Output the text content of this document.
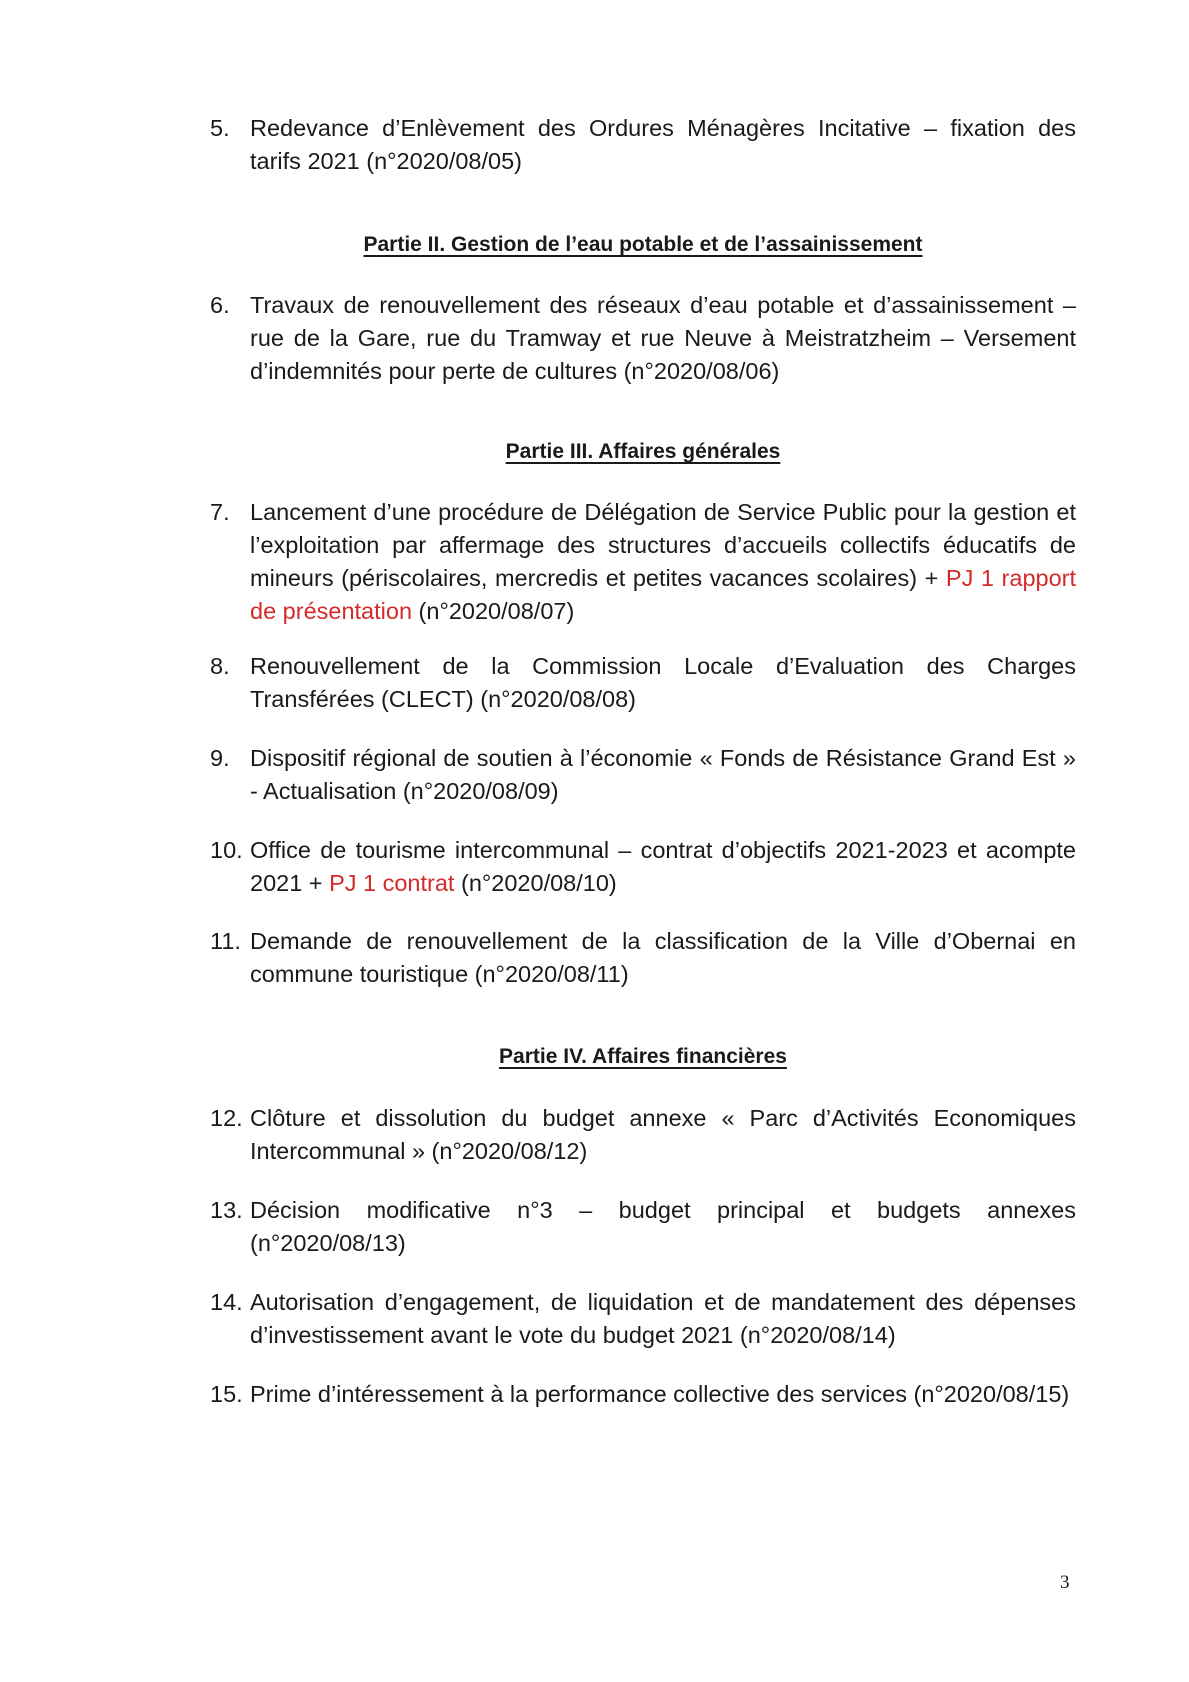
5. Redevance d’Enlèvement des Ordures Ménagères Incitative – fixation des tarifs 2021 (n°2020/08/05)
Partie II. Gestion de l’eau potable et de l’assainissement
6. Travaux de renouvellement des réseaux d’eau potable et d’assainissement – rue de la Gare, rue du Tramway et rue Neuve à Meistratzheim – Versement d’indemnités pour perte de cultures (n°2020/08/06)
Partie III. Affaires générales
7. Lancement d’une procédure de Délégation de Service Public pour la gestion et l’exploitation par affermage des structures d’accueils collectifs éducatifs de mineurs (périscolaires, mercredis et petites vacances scolaires) + PJ 1 rapport de présentation (n°2020/08/07)
8. Renouvellement de la Commission Locale d’Evaluation des Charges Transférées (CLECT) (n°2020/08/08)
9. Dispositif régional de soutien à l’économie « Fonds de Résistance Grand Est » - Actualisation (n°2020/08/09)
10. Office de tourisme intercommunal – contrat d’objectifs 2021-2023 et acompte 2021 + PJ 1 contrat (n°2020/08/10)
11. Demande de renouvellement de la classification de la Ville d’Obernai en commune touristique (n°2020/08/11)
Partie IV. Affaires financières
12. Clôture et dissolution du budget annexe « Parc d’Activités Economiques Intercommunal » (n°2020/08/12)
13. Décision modificative n°3 – budget principal et budgets annexes (n°2020/08/13)
14. Autorisation d’engagement, de liquidation et de mandatement des dépenses d’investissement avant le vote du budget 2021 (n°2020/08/14)
15. Prime d’intéressement à la performance collective des services (n°2020/08/15)
3
